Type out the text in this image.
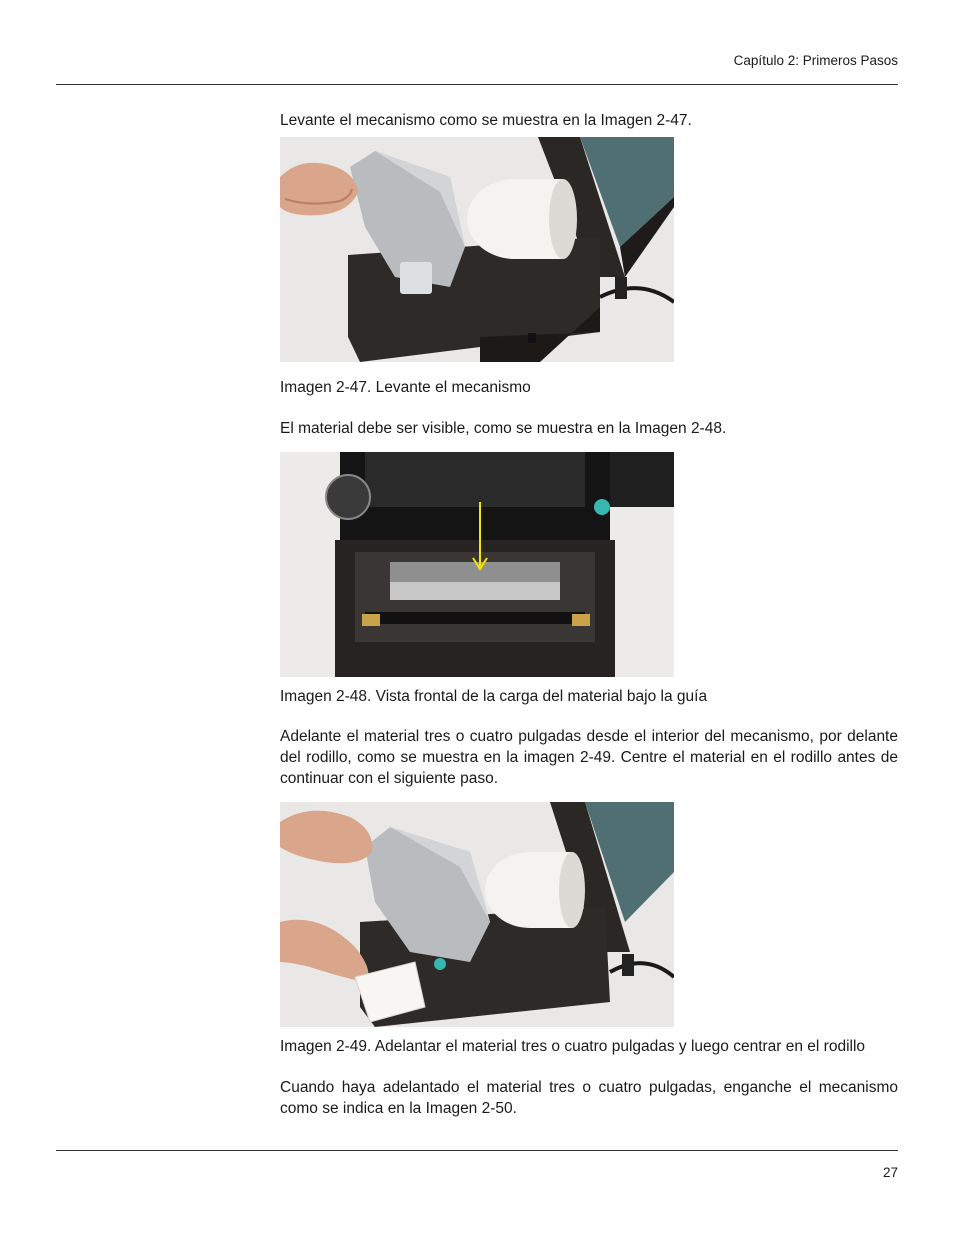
Capítulo 2: Primeros Pasos

Levante el mecanismo como se muestra en la Imagen 2-47.

Imagen 2-47. Levante el mecanismo

El material debe ser visible, como se muestra en la Imagen 2-48.

Imagen 2-48. Vista frontal de la carga del material bajo la guía

Adelante el material tres o cuatro pulgadas desde el interior del mecanismo, por delante del rodillo, como se muestra en la imagen 2-49. Centre el material en el rodillo antes de continuar con el siguiente paso.

Imagen 2-49. Adelantar el material tres o cuatro pulgadas y luego centrar en el rodillo

Cuando haya adelantado el material tres o cuatro pulgadas, enganche el mecanismo como se indica en la Imagen 2-50.

27
